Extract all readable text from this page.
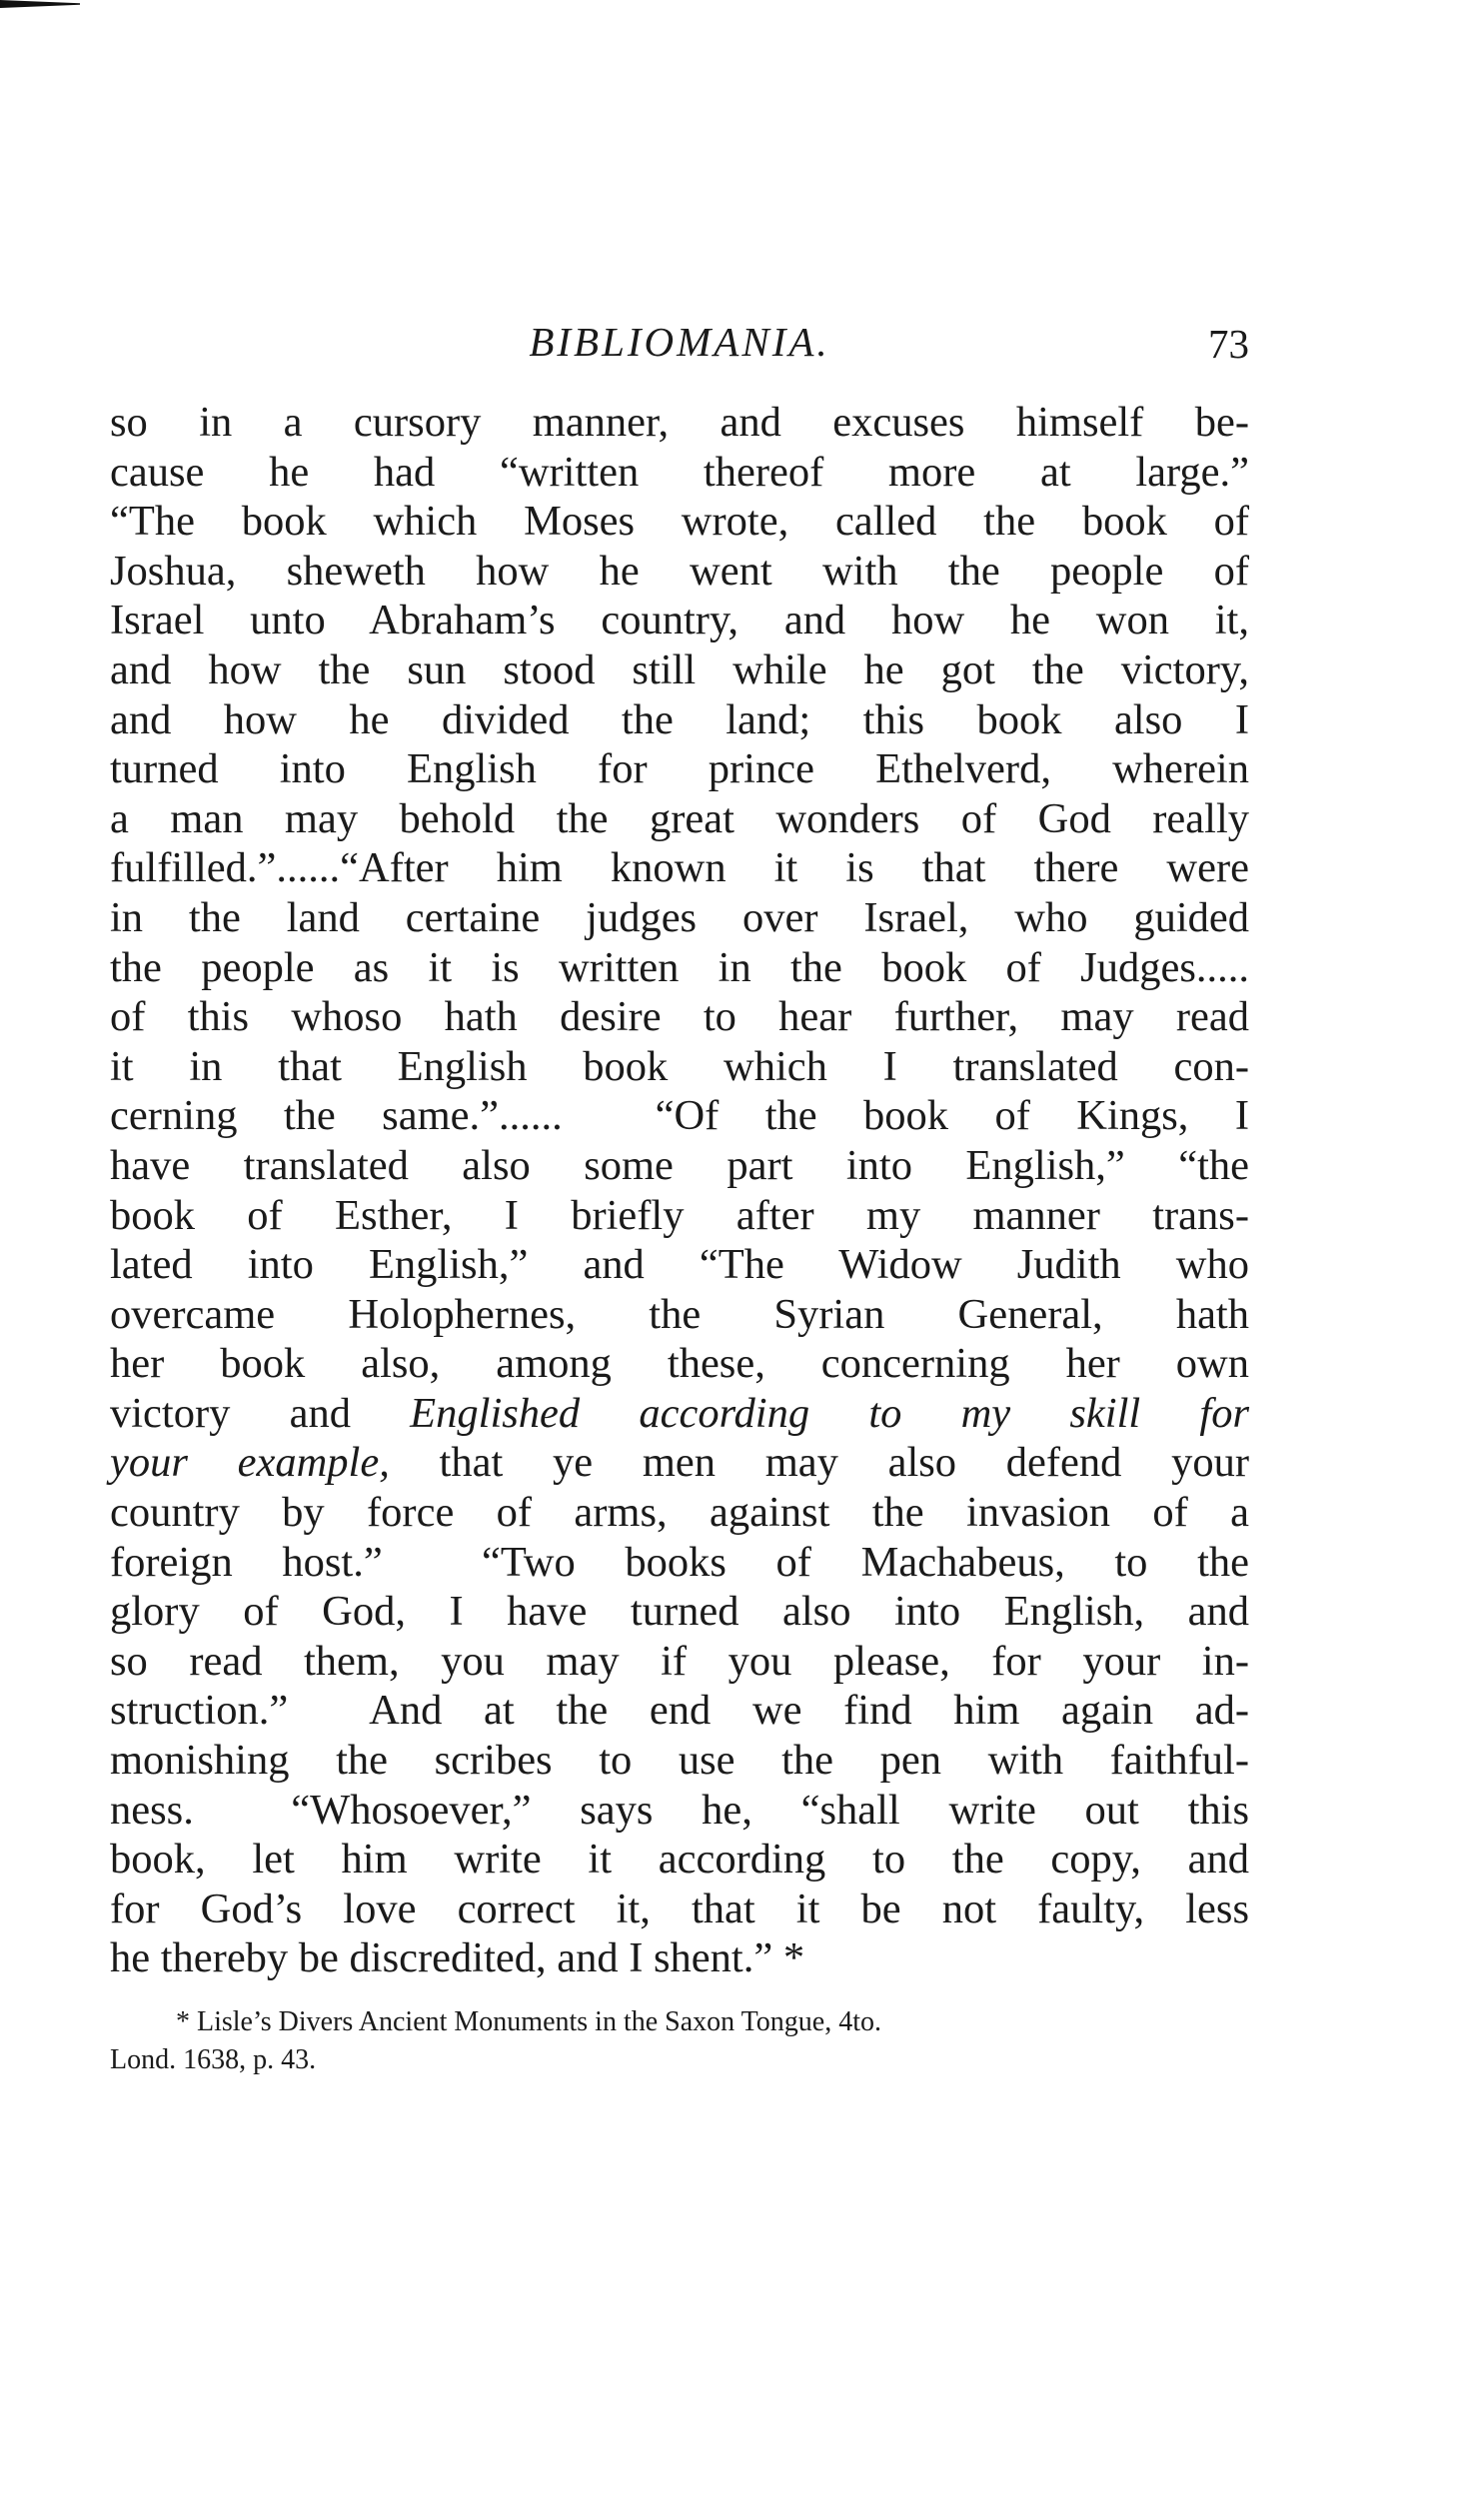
BIBLIOMANIA.	73
so in a cursory manner, and excuses himself be-
cause he had “written thereof more at large.”
“The book which Moses wrote, called the book of
Joshua, sheweth how he went with the people of
Israel unto Abraham’s country, and how he won it,
and how the sun stood still while he got the victory,
and how he divided the land; this book also I
turned into English for prince Ethelverd, wherein
a man may behold the great wonders of God really
fulfilled.”......“After him known it is that there were
in the land certaine judges over Israel, who guided
the people as it is written in the book of Judges.....
of this whoso hath desire to hear further, may read
it in that English book which I translated con-
cerning the same.”......  “Of the book of Kings, I
have translated also some part into English,” “the
book of Esther, I briefly after my manner trans-
lated into English,” and “The Widow Judith who
overcame Holophernes, the Syrian General, hath
her book also, among these, concerning her own
victory and Englished according to my skill for
your example, that ye men may also defend your
country by force of arms, against the invasion of a
foreign host.”  “Two books of Machabeus, to the
glory of God, I have turned also into English, and
so read them, you may if you please, for your in-
struction.”  And at the end we find him again ad-
monishing the scribes to use the pen with faithful-
ness.  “Whosoever,” says he, “shall write out this
book, let him write it according to the copy, and
for God’s love correct it, that it be not faulty, less
he thereby be discredited, and I shent.” *
* Lisle’s Divers Ancient Monuments in the Saxon Tongue, 4to.
Lond. 1638, p. 43.
